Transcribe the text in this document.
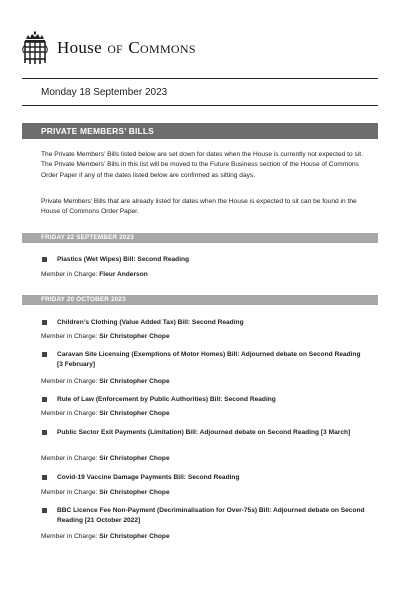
House OF Commons
Monday 18 September 2023
PRIVATE MEMBERS’ BILLS

The Private Members’ Bills listed below are set down for dates when the House is currently not expected to sit. The Private Members’ Bills in this list will be moved to the Future Business section of the House of Commons Order Paper if any of the dates listed below are confirmed as sitting days.

Private Members’ Bills that are already listed for dates when the House is expected to sit can be found in the House of Commons Order Paper.

FRIDAY 22 SEPTEMBER 2023
Plastics (Wet Wipes) Bill: Second Reading
Member in Charge: Fleur Anderson
FRIDAY 20 OCTOBER 2023
Children’s Clothing (Value Added Tax) Bill: Second Reading
Member in Charge: Sir Christopher Chope
Caravan Site Licensing (Exemptions of Motor Homes) Bill: Adjourned debate on Second Reading [3 February]
Member in Charge: Sir Christopher Chope
Rule of Law (Enforcement by Public Authorities) Bill: Second Reading
Member in Charge: Sir Christopher Chope
Public Sector Exit Payments (Limitation) Bill: Adjourned debate on Second Reading [3 March]
Member in Charge: Sir Christopher Chope
Covid-19 Vaccine Damage Payments Bill: Second Reading
Member in Charge: Sir Christopher Chope
BBC Licence Fee Non-Payment (Decriminalisation for Over-75s) Bill: Adjourned debate on Second Reading [21 October 2022]
Member in Charge: Sir Christopher Chope
